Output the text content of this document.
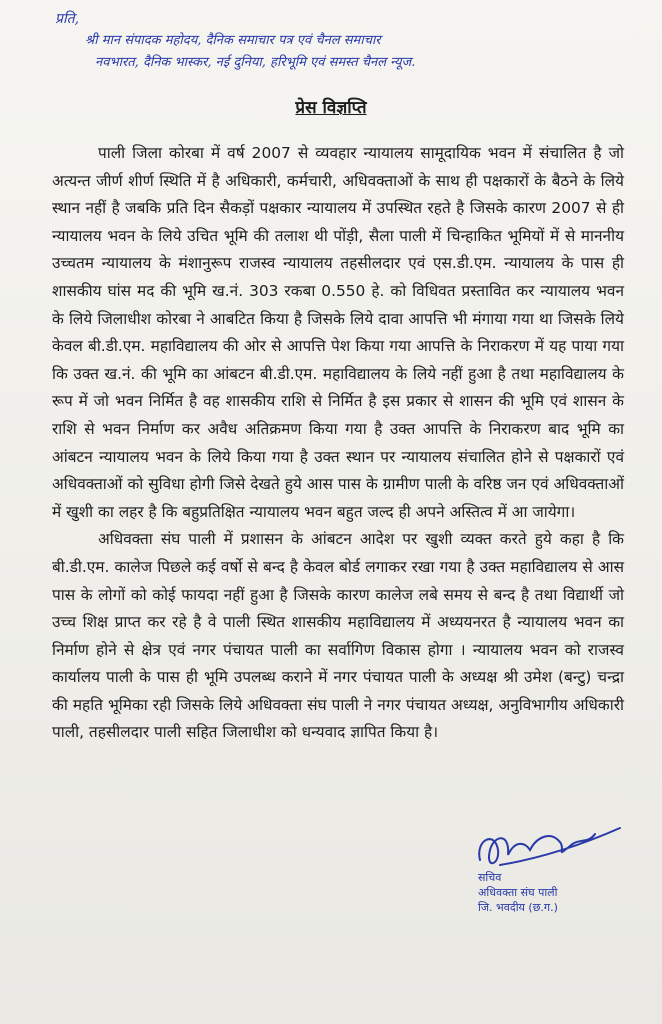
प्रति,
श्री मान संपादक महोदय, दैनिक समाचार पत्र एवं चैनल समाचार
नवभारत, दैनिक भास्कर, नई दुनिया, हरिभूमि एवं समस्त चैनल न्यूज.
प्रेस विज्ञप्ति

पाली जिला कोरबा में वर्ष 2007 से व्यवहार न्यायालय सामूदायिक भवन में संचालित है जो अत्यन्त जीर्ण शीर्ण स्थिति में है अधिकारी, कर्मचारी, अधिवक्ताओं के साथ ही पक्षकारों के बैठने के लिये स्थान नहीं है जबकि प्रति दिन सैकड़ों पक्षकार न्यायालय में उपस्थित रहते है जिसके कारण 2007 से ही न्यायालय भवन के लिये उचित भूमि की तलाश थी पोंड़ी, सैला पाली में चिन्हाकित भूमियों में से माननीय उच्चतम न्यायालय के मंशानुरूप राजस्व न्यायालय तहसीलदार एवं एस.डी.एम. न्यायालय के पास ही शासकीय घांस मद की भूमि ख.नं. 303 रकबा 0.550 हे. को विधिवत प्रस्तावित कर न्यायालय भवन के लिये जिलाधीश कोरबा ने आबटित किया है जिसके लिये दावा आपत्ति भी मंगाया गया था जिसके लिये केवल बी.डी.एम. महाविद्यालय की ओर से आपत्ति पेश किया गया आपत्ति के निराकरण में यह पाया गया कि उक्त ख.नं. की भूमि का आंबटन बी.डी.एम. महाविद्यालय के लिये नहीं हुआ है तथा महाविद्यालय के रूप में जो भवन निर्मित है वह शासकीय राशि से निर्मित है इस प्रकार से शासन की भूमि एवं शासन के राशि से भवन निर्माण कर अवैध अतिक्रमण किया गया है उक्त आपत्ति के निराकरण बाद भूमि का आंबटन न्यायालय भवन के लिये किया गया है उक्त स्थान पर न्यायालय संचालित होने से पक्षकारों एवं अधिवक्ताओं को सुविधा होगी जिसे देखते हुये आस पास के ग्रामीण पाली के वरिष्ठ जन एवं अधिवक्ताओं में खुशी का लहर है कि बहुप्रतिक्षित न्यायालय भवन बहुत जल्द ही अपने अस्तित्व में आ जायेगा।

अधिवक्ता संघ पाली में प्रशासन के आंबटन आदेश पर खुशी व्यक्त करते हुये कहा है कि बी.डी.एम. कालेज पिछले कई वर्षो से बन्द है केवल बोर्ड लगाकर रखा गया है उक्त महाविद्यालय से आस पास के लोगों को कोई फायदा नहीं हुआ है जिसके कारण कालेज लबे समय से बन्द है तथा विद्यार्थी जो उच्च शिक्ष प्राप्त कर रहे है वे पाली स्थित शासकीय महाविद्यालय में अध्ययनरत है न्यायालय भवन का निर्माण होने से क्षेत्र एवं नगर पंचायत पाली का सर्वागिण विकास होगा । न्यायालय भवन को राजस्व कार्यालय पाली के पास ही भूमि उपलब्ध कराने में नगर पंचायत पाली के अध्यक्ष श्री उमेश (बन्टु) चन्द्रा की महति भूमिका रही जिसके लिये अधिवक्ता संघ पाली ने नगर पंचायत अध्यक्ष, अनुविभागीय अधिकारी पाली, तहसीलदार पाली सहित जिलाधीश को धन्यवाद ज्ञापित किया है।

सचिव
अधिवक्ता संघ पाली
जि. भवदीय (छ.ग.)
